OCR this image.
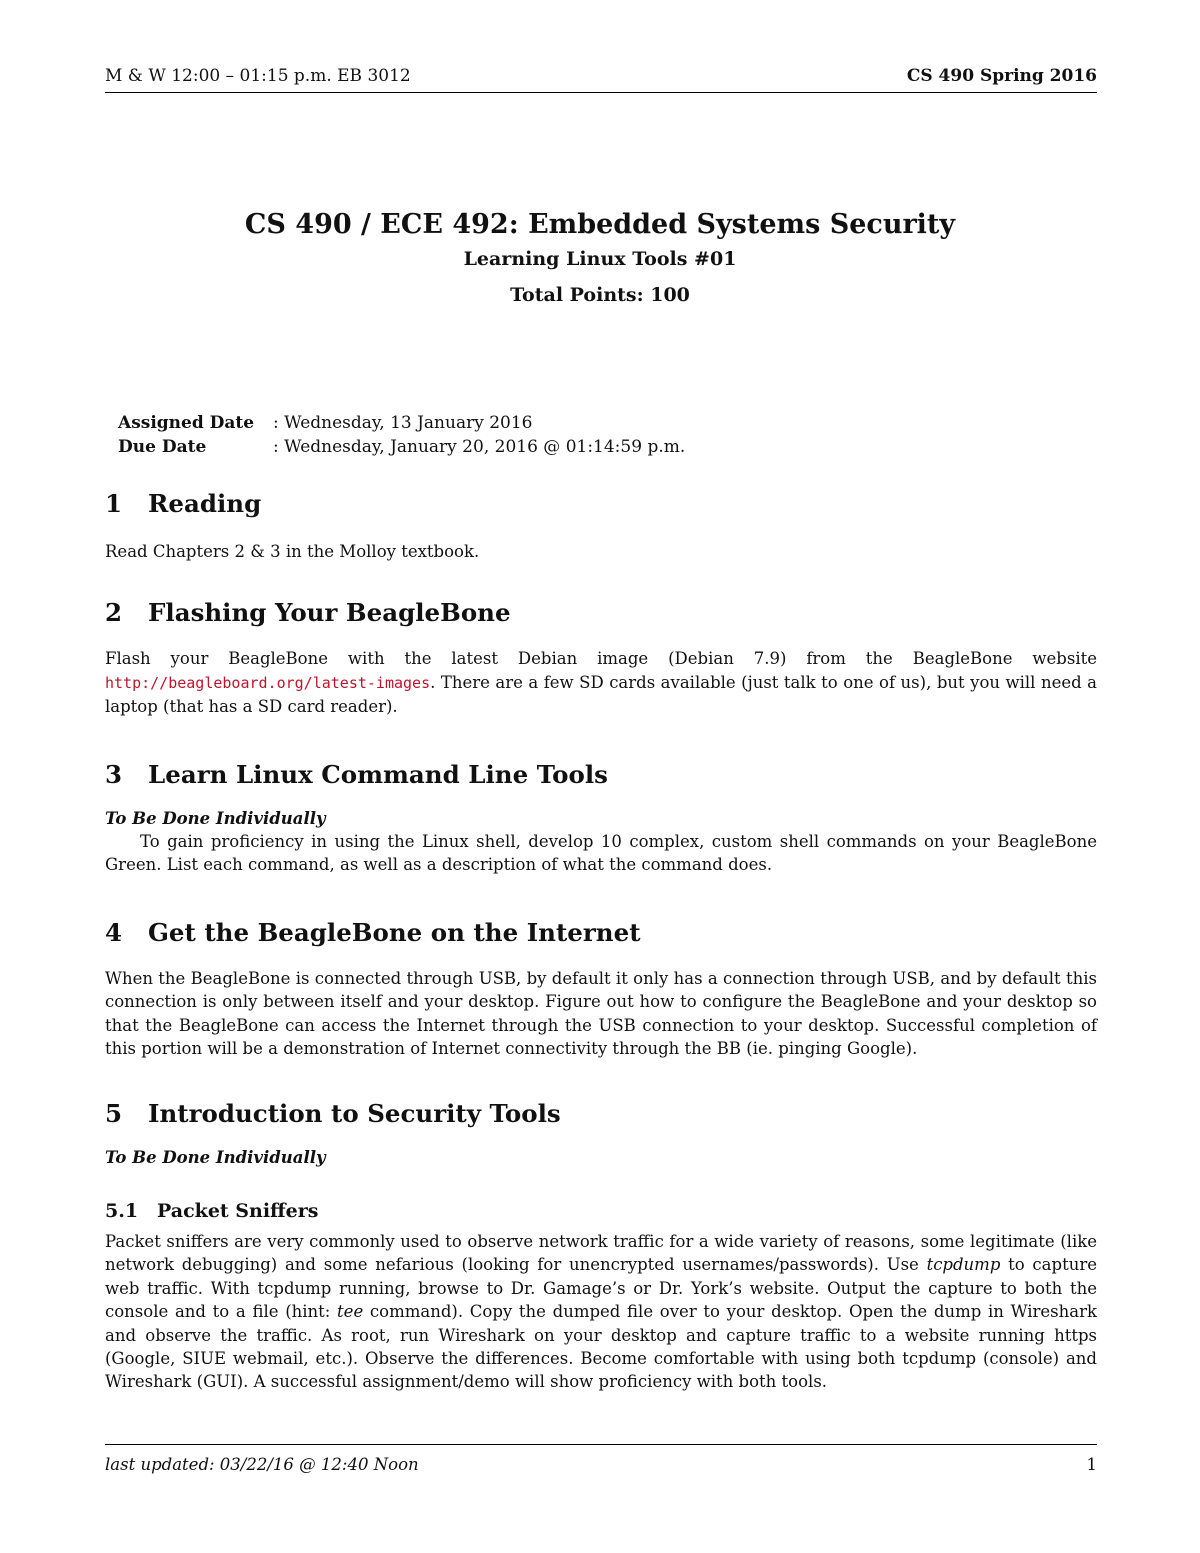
M & W 12:00 – 01:15 p.m. EB 3012	CS 490 Spring 2016
CS 490 / ECE 492: Embedded Systems Security
Learning Linux Tools #01
Total Points: 100
Assigned Date	: Wednesday, 13 January 2016
Due Date	: Wednesday, January 20, 2016 @ 01:14:59 p.m.
1	Reading

Read Chapters 2 & 3 in the Molloy textbook.

2	Flashing Your BeagleBone

Flash your BeagleBone with the latest Debian image (Debian 7.9) from the BeagleBone website http://beagleboard.org/latest-images. There are a few SD cards available (just talk to one of us), but you will need a laptop (that has a SD card reader).

3	Learn Linux Command Line Tools

To Be Done Individually

To gain proficiency in using the Linux shell, develop 10 complex, custom shell commands on your BeagleBone Green. List each command, as well as a description of what the command does.

4	Get the BeagleBone on the Internet

When the BeagleBone is connected through USB, by default it only has a connection through USB, and by default this connection is only between itself and your desktop. Figure out how to configure the BeagleBone and your desktop so that the BeagleBone can access the Internet through the USB connection to your desktop. Successful completion of this portion will be a demonstration of Internet connectivity through the BB (ie. pinging Google).

5	Introduction to Security Tools

To Be Done Individually

5.1 Packet Sniffers

Packet sniffers are very commonly used to observe network traffic for a wide variety of reasons, some legitimate (like network debugging) and some nefarious (looking for unencrypted usernames/passwords). Use tcpdump to capture web traffic. With tcpdump running, browse to Dr. Gamage’s or Dr. York’s website. Output the capture to both the console and to a file (hint: tee command). Copy the dumped file over to your desktop. Open the dump in Wireshark and observe the traffic. As root, run Wireshark on your desktop and capture traffic to a website running https (Google, SIUE webmail, etc.). Observe the differences. Become comfortable with using both tcpdump (console) and Wireshark (GUI). A successful assignment/demo will show proficiency with both tools.

last updated: 03/22/16 @ 12:40 Noon	1
